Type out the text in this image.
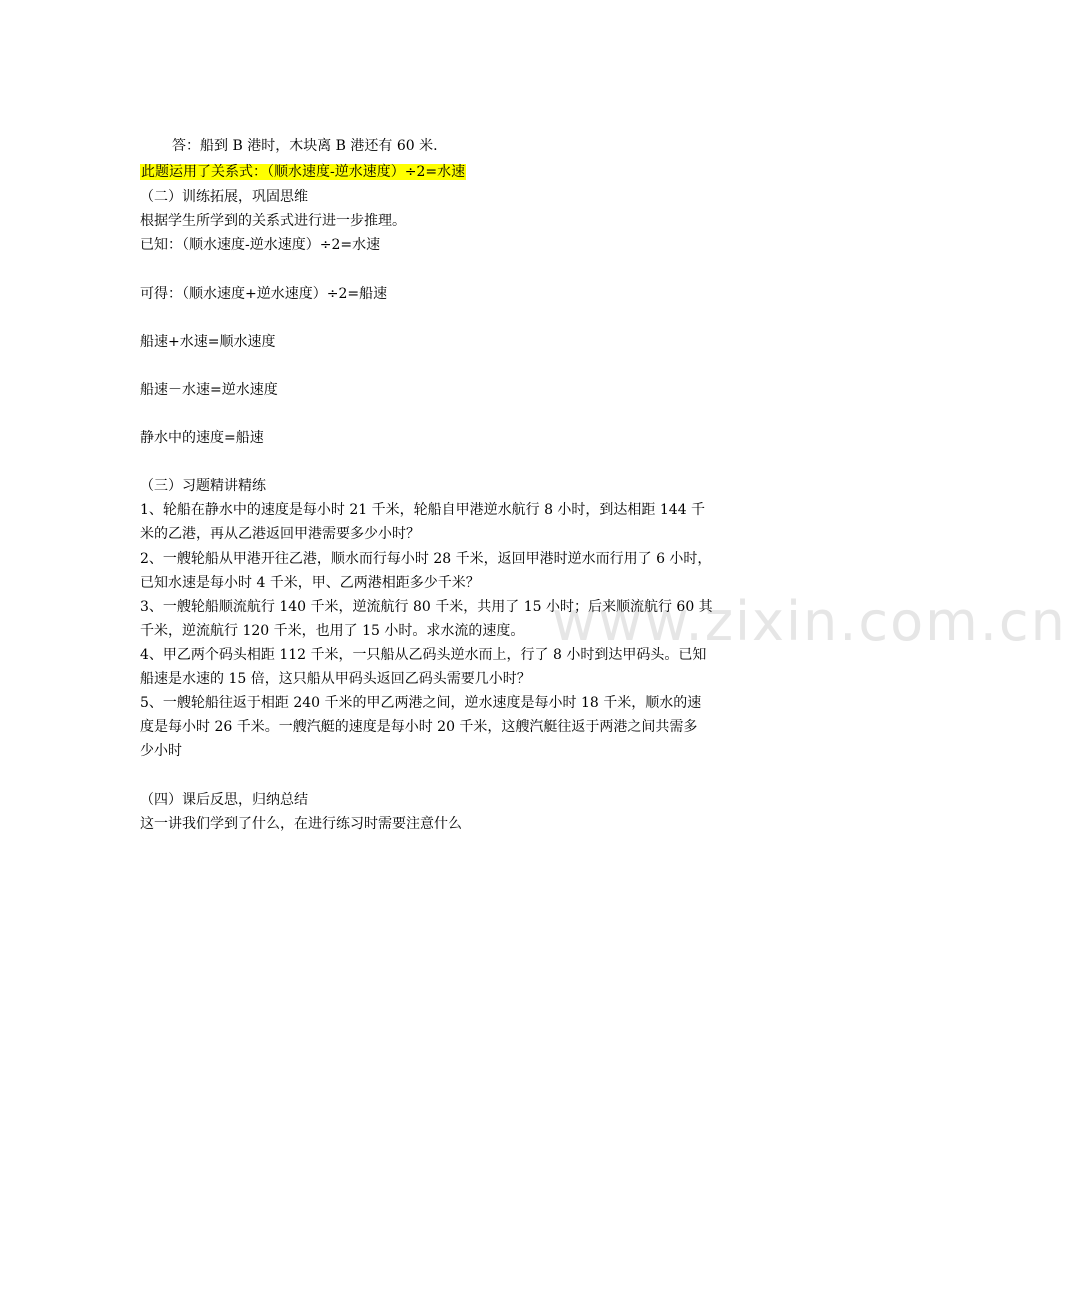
www.zixin.com.cn
答：船到 B 港时，木块离 B 港还有 60 米.
此题运用了关系式：（顺水速度-逆水速度）÷2=水速
（二）训练拓展，巩固思维
根据学生所学到的关系式进行进一步推理。
已知：（顺水速度-逆水速度）÷2=水速
可得：（顺水速度+逆水速度）÷2=船速
船速+水速=顺水速度
船速－水速=逆水速度
静水中的速度=船速
（三）习题精讲精练
1、轮船在静水中的速度是每小时 21 千米，轮船自甲港逆水航行 8 小时，到达相距 144 千
米的乙港，再从乙港返回甲港需要多少小时？
2、一艘轮船从甲港开往乙港，顺水而行每小时 28 千米，返回甲港时逆水而行用了 6 小时，
已知水速是每小时 4 千米，甲、乙两港相距多少千米？
3、一艘轮船顺流航行 140 千米，逆流航行 80 千米，共用了 15 小时；后来顺流航行 60 其
千米，逆流航行 120 千米，也用了 15 小时。求水流的速度。
4、甲乙两个码头相距 112 千米，一只船从乙码头逆水而上，行了 8 小时到达甲码头。已知
船速是水速的 15 倍，这只船从甲码头返回乙码头需要几小时？
5、一艘轮船往返于相距 240 千米的甲乙两港之间，逆水速度是每小时 18 千米，顺水的速
度是每小时 26 千米。一艘汽艇的速度是每小时 20 千米，这艘汽艇往返于两港之间共需多
少小时
（四）课后反思，归纳总结
这一讲我们学到了什么，在进行练习时需要注意什么
